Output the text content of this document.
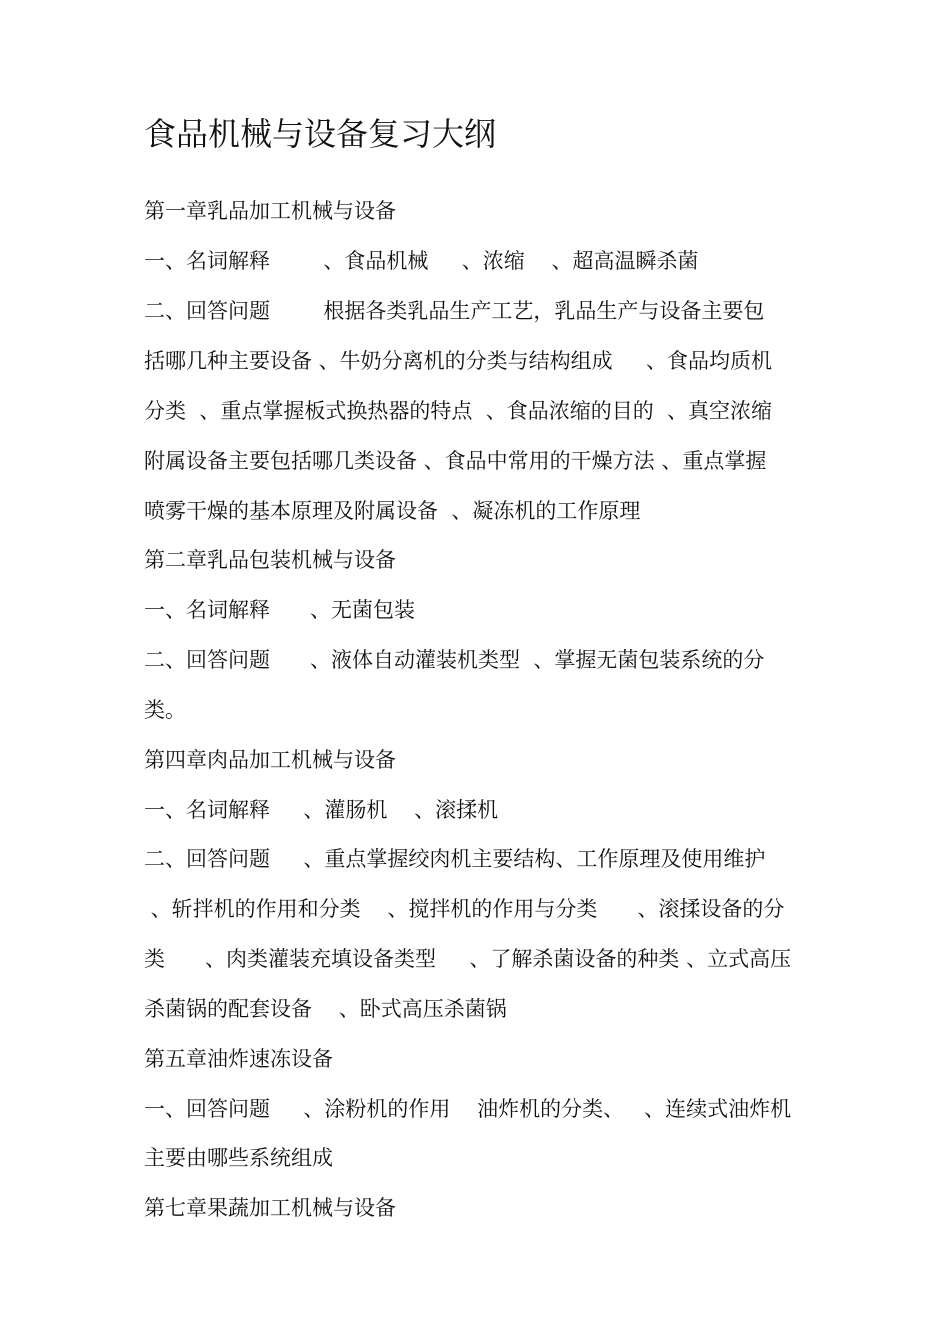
食品机械与设备复习大纲
第一章乳品加工机械与设备
一、名词解释        、食品机械     、浓缩    、超高温瞬杀菌
二、回答问题        根据各类乳品生产工艺，乳品生产与设备主要包
括哪几种主要设备 、牛奶分离机的分类与结构组成     、食品均质机
分类  、重点掌握板式换热器的特点  、食品浓缩的目的  、真空浓缩
附属设备主要包括哪几类设备 、食品中常用的干燥方法 、重点掌握
喷雾干燥的基本原理及附属设备  、凝冻机的工作原理
第二章乳品包装机械与设备
一、名词解释      、无菌包装
二、回答问题      、液体自动灌装机类型  、掌握无菌包装系统的分
类。
第四章肉品加工机械与设备
一、名词解释     、灌肠机    、滚揉机
二、回答问题     、重点掌握绞肉机主要结构、工作原理及使用维护
、斩拌机的作用和分类    、搅拌机的作用与分类      、滚揉设备的分
类      、肉类灌装充填设备类型     、了解杀菌设备的种类 、立式高压
杀菌锅的配套设备    、卧式高压杀菌锅
第五章油炸速冻设备
一、回答问题     、涂粉机的作用    油炸机的分类、   、连续式油炸机
主要由哪些系统组成
第七章果蔬加工机械与设备
